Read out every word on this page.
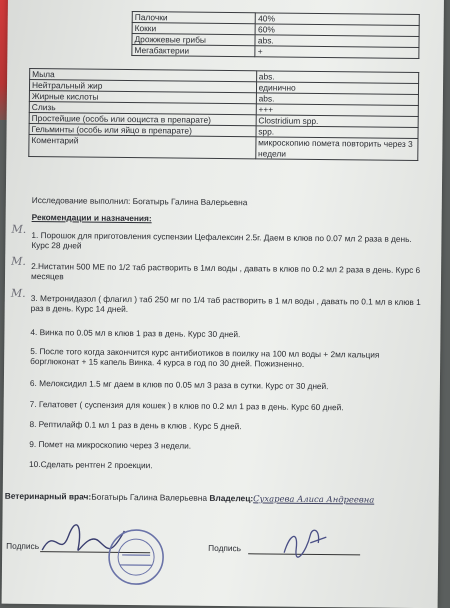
Палочки	40%
Кокки	60%
Дрожжевые грибы	abs.
Мегабактерии	+
Мыла	abs.
Нейтральный жир	единично
Жирные кислоты	abs.
Слизь	+++
Простейшие (особь или ооциста в препарате)	Clostridium spp.
Гельминты (особь или яйцо в препарате)	spp.
Коментарий	микроскопию помета повторить через 3 недели
Исследование выполнил: Богатырь Галина Валерьевна
Рекомендации и назначения:
М.
М.
М.
1. Порошок для приготовления суспензии Цефалексин 2.5г. Даем в клюв по 0.07 мл 2 раза в день. Курс 28 дней
2.Нистатин 500 МЕ по 1/2 таб растворить в 1мл воды , давать в клюв по 0.2 мл 2 раза в день. Курс 6 месяцев
3. Метронидазол ( флагил ) таб 250 мг по 1/4 таб растворить в 1 мл воды , давать по 0.1 мл в клюв 1 раз в день. Курс 14 дней.
4. Винка по 0.05 мл в клюв 1 раз в день. Курс 30 дней.
5. После того когда закончится курс антибиотиков в поилку на 100 мл воды + 2мл кальция борглюконат + 15 капель Винка. 4 курса в год по 30 дней. Пожизненно.
6. Мелоксидил 1.5 мг даем в клюв по 0.05 мл 3 раза в сутки. Курс от 30 дней.
7. Гелатовет ( суспензия для кошек ) в клюв по 0.2 мл 1 раз в день. Курс 60 дней.
8. Рептилайф 0.1 мл 1 раз в день в клюв . Курс 5 дней.
9. Помет на микроскопию через 3 недели.
10.Сделать рентген 2 проекции.
Ветеринарный врач:Богатырь Галина Валерьевна Владелец:Сухарева Алиса Андреевна
Подпись	Подпись
